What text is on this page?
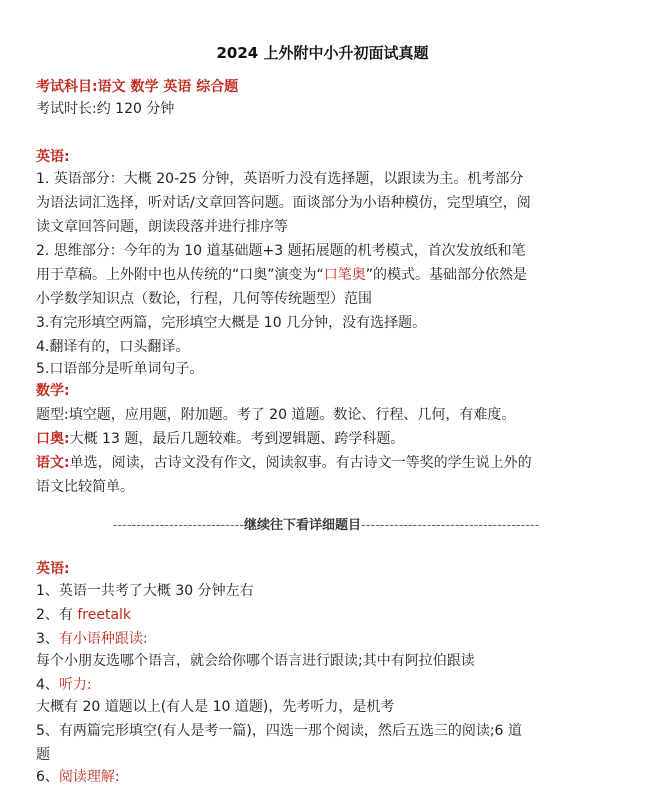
2024 上外附中小升初面试真题
考试科目:语文 数学 英语 综合题
考试时长:约 120 分钟
英语:
1. 英语部分：大概 20-25 分钟，英语听力没有选择题，以跟读为主。机考部分
为语法词汇选择，听对话/文章回答问题。面谈部分为小语种模仿，完型填空，阅
读文章回答问题，朗读段落并进行排序等
2. 思维部分：今年的为 10 道基础题+3 题拓展题的机考模式，首次发放纸和笔
用于草稿。上外附中也从传统的“口奥”演变为“口笔奥”的模式。基础部分依然是
小学数学知识点（数论，行程，几何等传统题型）范围
3.有完形填空两篇，完形填空大概是 10 几分钟，没有选择题。
4.翻译有的，口头翻译。
5.口语部分是听单词句子。
数学:
题型:填空题，应用题，附加题。考了 20 道题。数论、行程、几何，有难度。
口奥:大概 13 题，最后几题较难。考到逻辑题、跨学科题。
语文:单选，阅读，古诗文没有作文，阅读叙事。有古诗文一等奖的学生说上外的
语文比较简单。
----------------------------继续往下看详细题目--------------------------------------
英语:
1、英语一共考了大概 30 分钟左右
2、有 freetalk
3、有小语种跟读:
每个小朋友选哪个语言，就会给你哪个语言进行跟读;其中有阿拉伯跟读
4、听力:
大概有 20 道题以上(有人是 10 道题)，先考听力，是机考
5、有两篇完形填空(有人是考一篇)，四选一那个阅读，然后五选三的阅读;6 道
题
6、阅读理解:
